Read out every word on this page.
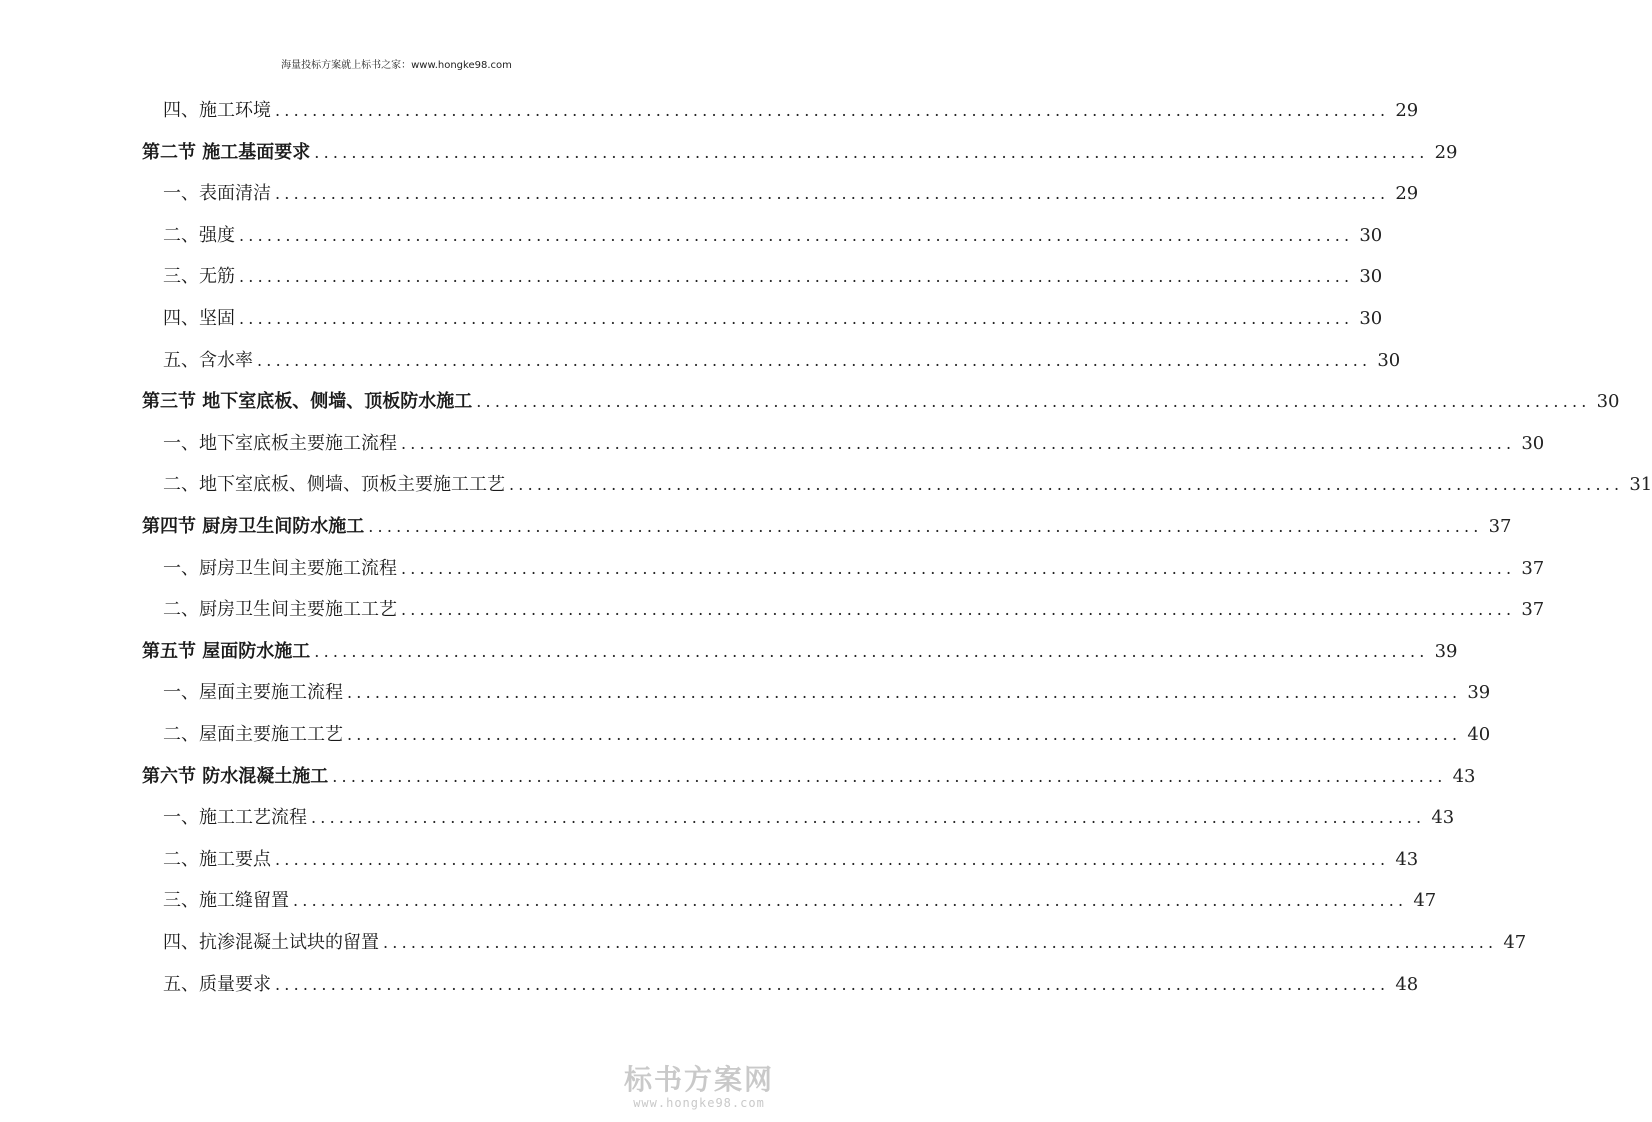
海量投标方案就上标书之家：www.hongke98.com
四、施工环境 ........................................................................................................................ 29
第二节 施工基面要求 ........................................................................................................................ 29
一、表面清洁 ........................................................................................................................ 29
二、强度 ........................................................................................................................ 30
三、无筋 ........................................................................................................................ 30
四、坚固 ........................................................................................................................ 30
五、含水率 ........................................................................................................................ 30
第三节 地下室底板、侧墙、顶板防水施工 ........................................................................................................................ 30
一、地下室底板主要施工流程 ........................................................................................................................ 30
二、地下室底板、侧墙、顶板主要施工工艺 ........................................................................................................................ 31
第四节 厨房卫生间防水施工 ........................................................................................................................ 37
一、厨房卫生间主要施工流程 ........................................................................................................................ 37
二、厨房卫生间主要施工工艺 ........................................................................................................................ 37
第五节 屋面防水施工 ........................................................................................................................ 39
一、屋面主要施工流程 ........................................................................................................................ 39
二、屋面主要施工工艺 ........................................................................................................................ 40
第六节 防水混凝土施工 ........................................................................................................................ 43
一、施工工艺流程 ........................................................................................................................ 43
二、施工要点 ........................................................................................................................ 43
三、施工缝留置 ........................................................................................................................ 47
四、抗渗混凝土试块的留置 ........................................................................................................................ 47
五、质量要求 ........................................................................................................................ 48
标书方案网
www.hongke98.com
